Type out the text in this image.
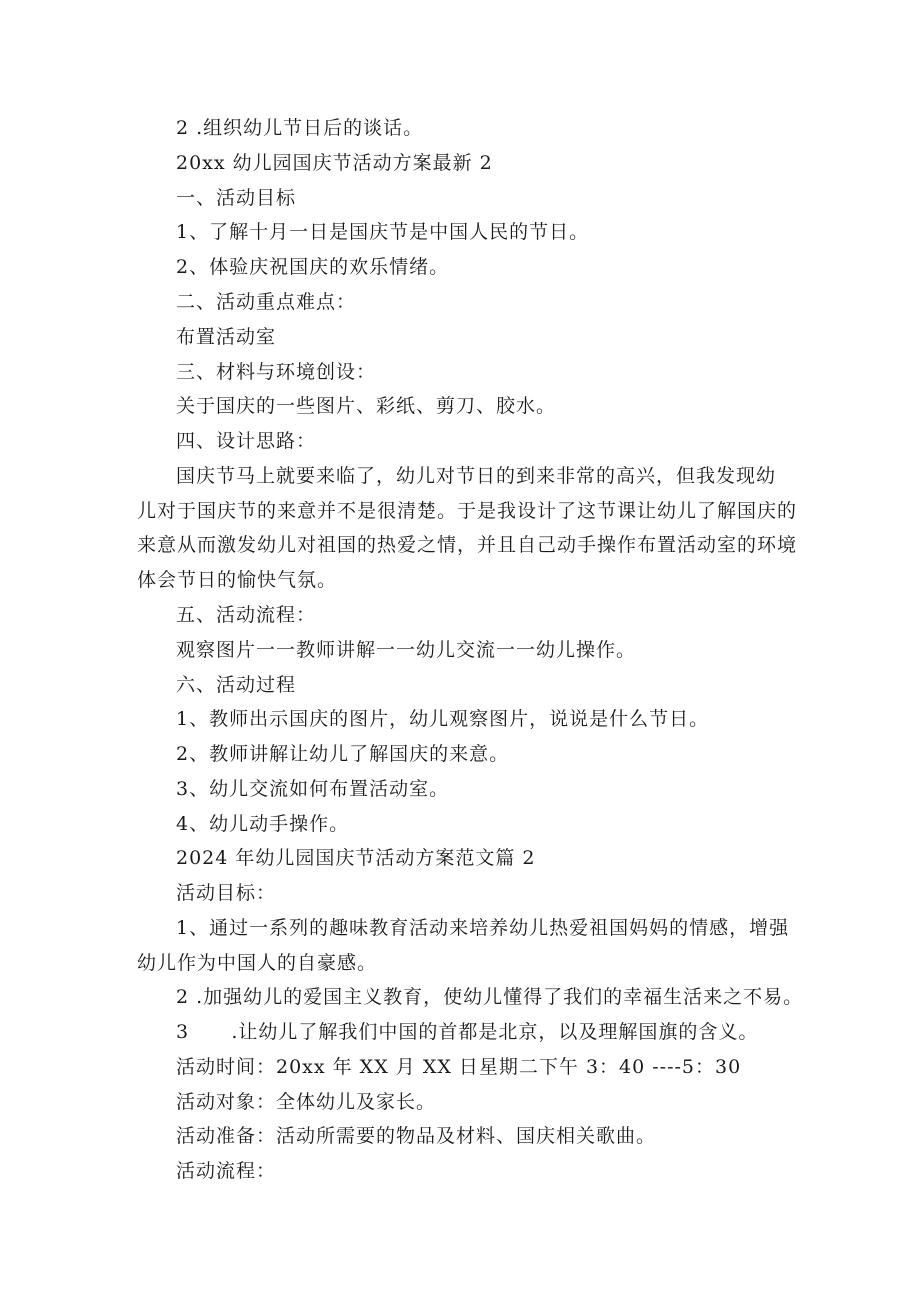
2 .组织幼儿节日后的谈话。
20xx 幼儿园国庆节活动方案最新 2
一、活动目标
1、了解十月一日是国庆节是中国人民的节日。
2、体验庆祝国庆的欢乐情绪。
二、活动重点难点：
布置活动室
三、材料与环境创设：
关于国庆的一些图片、彩纸、剪刀、胶水。
四、设计思路：
国庆节马上就要来临了，幼儿对节日的到来非常的高兴，但我发现幼
儿对于国庆节的来意并不是很清楚。于是我设计了这节课让幼儿了解国庆的
来意从而激发幼儿对祖国的热爱之情，并且自己动手操作布置活动室的环境
体会节日的愉快气氛。
五、活动流程：
观察图片一一教师讲解一一幼儿交流一一幼儿操作。
六、活动过程
1、教师出示国庆的图片，幼儿观察图片，说说是什么节日。
2、教师讲解让幼儿了解国庆的来意。
3、幼儿交流如何布置活动室。
4、幼儿动手操作。
2024 年幼儿园国庆节活动方案范文篇 2
活动目标：
1、通过一系列的趣味教育活动来培养幼儿热爱祖国妈妈的情感，增强
幼儿作为中国人的自豪感。
2 .加强幼儿的爱国主义教育，使幼儿懂得了我们的幸福生活来之不易。
3      .让幼儿了解我们中国的首都是北京，以及理解国旗的含义。
活动时间：20xx 年 XX 月 XX 日星期二下午 3：40 ----5：30
活动对象：全体幼儿及家长。
活动准备：活动所需要的物品及材料、国庆相关歌曲。
活动流程：
